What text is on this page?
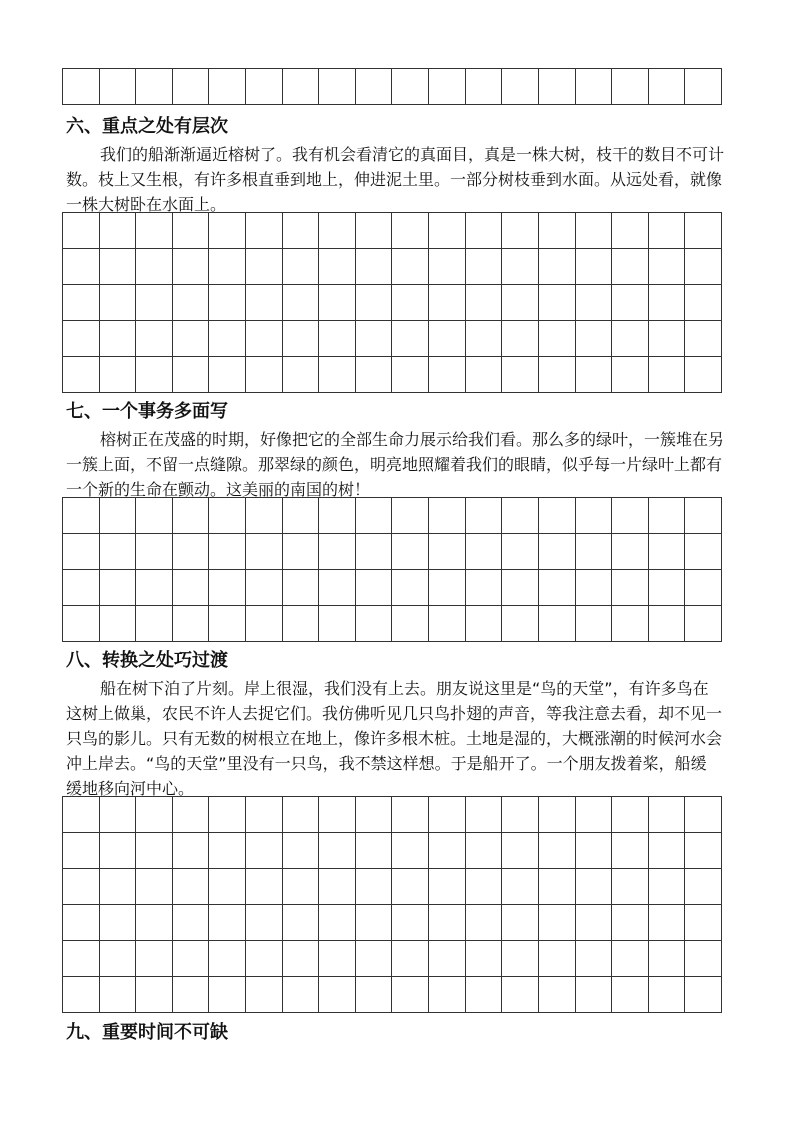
六、重点之处有层次
我们的船渐渐逼近榕树了。我有机会看清它的真面目，真是一株大树，枝干的数目不可计
数。枝上又生根，有许多根直垂到地上，伸进泥土里。一部分树枝垂到水面。从远处看，就像
一株大树卧在水面上。
七、一个事务多面写
榕树正在茂盛的时期，好像把它的全部生命力展示给我们看。那么多的绿叶，一簇堆在另
一簇上面，不留一点缝隙。那翠绿的颜色，明亮地照耀着我们的眼睛，似乎每一片绿叶上都有
一个新的生命在颤动。这美丽的南国的树！
八、转换之处巧过渡
船在树下泊了片刻。岸上很湿，我们没有上去。朋友说这里是“鸟的天堂”，有许多鸟在
这树上做巢，农民不许人去捉它们。我仿佛听见几只鸟扑翅的声音，等我注意去看，却不见一
只鸟的影儿。只有无数的树根立在地上，像许多根木桩。土地是湿的，大概涨潮的时候河水会
冲上岸去。“鸟的天堂”里没有一只鸟，我不禁这样想。于是船开了。一个朋友拨着桨，船缓
缓地移向河中心。
九、重要时间不可缺
